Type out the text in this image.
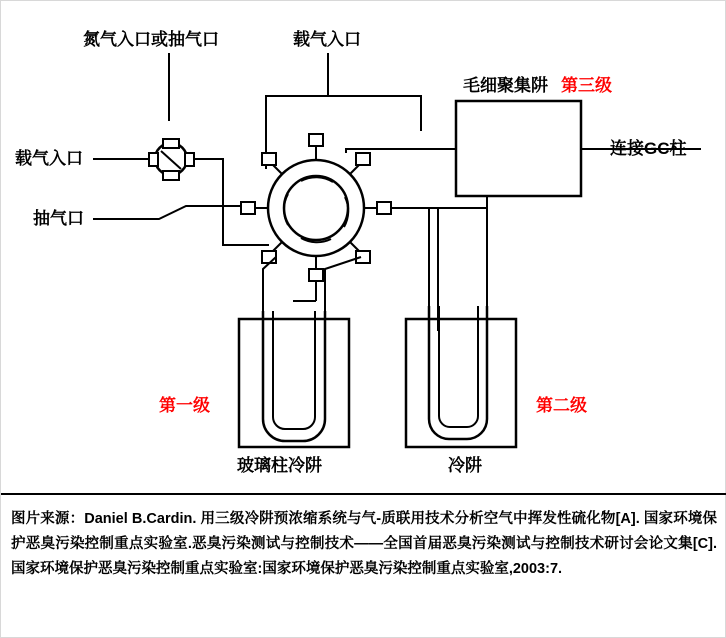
氮气入口或抽气口	载气入口
毛细聚集阱 第三级
连接GC柱
载气入口
抽气口
第一级	第二级
玻璃柱冷阱	冷阱

图片来源：Daniel B.Cardin. 用三级冷阱预浓缩系统与气-质联用技术分析空气中挥发性硫化物[A]. 国家环境保护恶臭污染控制重点实验室.恶臭污染测试与控制技术——全国首届恶臭污染测试与控制技术研讨会论文集[C].国家环境保护恶臭污染控制重点实验室:国家环境保护恶臭污染控制重点实验室,2003:7.
